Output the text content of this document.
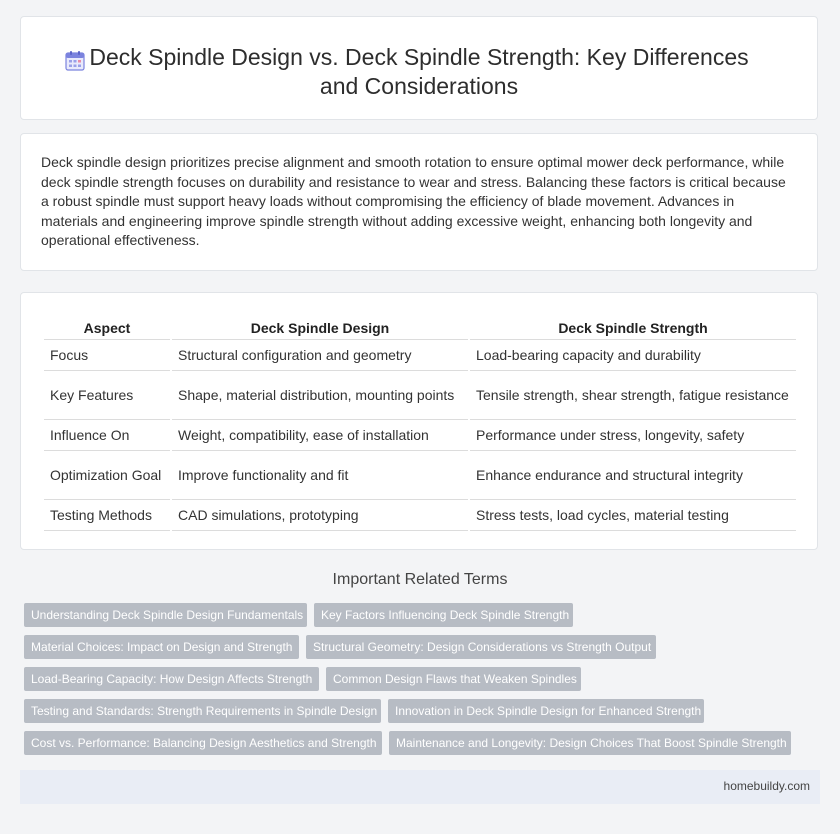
Deck Spindle Design vs. Deck Spindle Strength: Key Differences and Considerations

Deck spindle design prioritizes precise alignment and smooth rotation to ensure optimal mower deck performance, while deck spindle strength focuses on durability and resistance to wear and stress. Balancing these factors is critical because a robust spindle must support heavy loads without compromising the efficiency of blade movement. Advances in materials and engineering improve spindle strength without adding excessive weight, enhancing both longevity and operational effectiveness.

Aspect	Deck Spindle Design	Deck Spindle Strength
Focus	Structural configuration and geometry	Load-bearing capacity and durability
Key Features	Shape, material distribution, mounting points	Tensile strength, shear strength, fatigue resistance
Influence On	Weight, compatibility, ease of installation	Performance under stress, longevity, safety
Optimization Goal	Improve functionality and fit	Enhance endurance and structural integrity
Testing Methods	CAD simulations, prototyping	Stress tests, load cycles, material testing
Important Related Terms
Understanding Deck Spindle Design Fundamentals	Key Factors Influencing Deck Spindle Strength
Material Choices: Impact on Design and Strength	Structural Geometry: Design Considerations vs Strength Output
Load-Bearing Capacity: How Design Affects Strength	Common Design Flaws that Weaken Spindles
Testing and Standards: Strength Requirements in Spindle Design	Innovation in Deck Spindle Design for Enhanced Strength
Cost vs. Performance: Balancing Design Aesthetics and Strength	Maintenance and Longevity: Design Choices That Boost Spindle Strength
homebuildy.com
